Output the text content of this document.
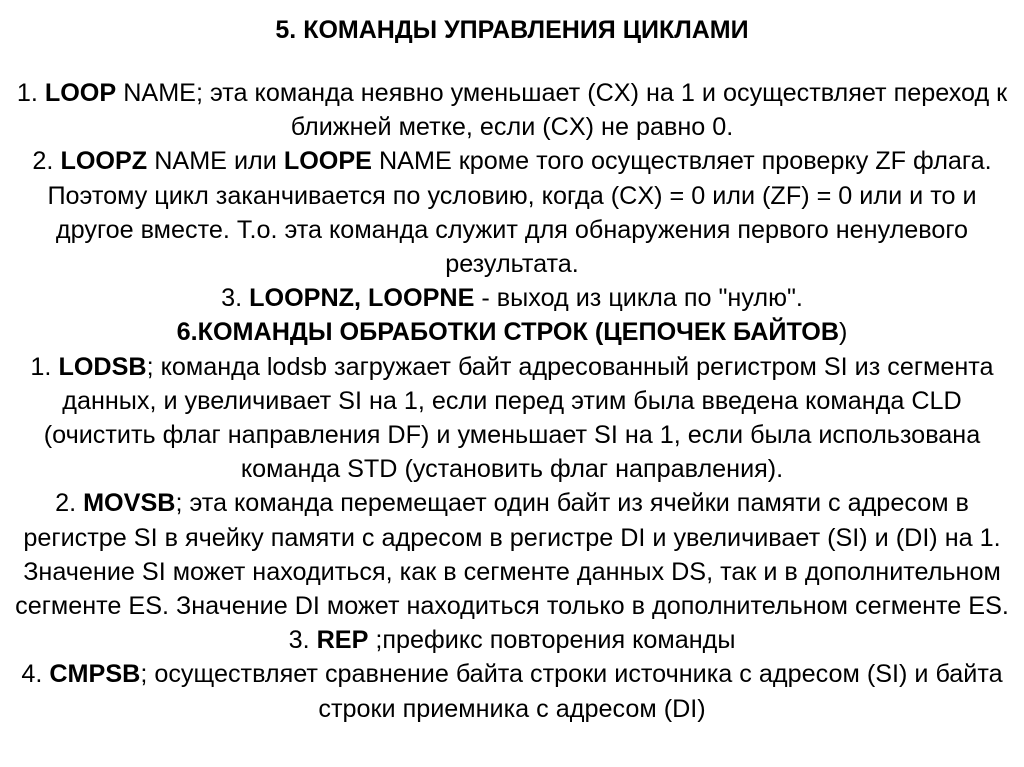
5. КОМАНДЫ УПРАВЛЕНИЯ ЦИКЛАМИ

1. LOOP NAME; эта команда неявно уменьшает (CX) на 1 и осуществляет переход к ближней метке, если (CX) не равно 0.

2. LOOPZ NAME или LOOPE NAME кроме того осуществляет проверку ZF флага. Поэтому цикл заканчивается по условию, когда (CX) = 0 или (ZF) = 0 или и то и другое вместе. Т.о. эта команда служит для обнаружения первого ненулевого результата.

3. LOOPNZ, LOOPNE - выход из цикла по "нулю".

6.КОМАНДЫ ОБРАБОТКИ СТРОК (ЦЕПОЧЕК БАЙТОВ)

1. LODSB; команда lodsb загружает байт адресованный регистром SI из сегмента данных, и увеличивает SI на 1, если перед этим была введена команда CLD (очистить флаг направления DF) и уменьшает SI на 1, если была использована команда STD (установить флаг направления).

2. MOVSB; эта команда перемещает один байт из ячейки памяти с адресом в регистре SI в ячейку памяти с адресом в регистре DI и увеличивает (SI) и (DI) на 1. Значение SI может находиться, как в сегменте данных DS, так и в дополнительном сегменте ES. Значение DI может находиться только в дополнительном сегменте ES.

3. REP ;префикс повторения команды

4. CMPSB; осуществляет сравнение байта строки источника с адресом (SI) и байта строки приемника с адресом (DI)
